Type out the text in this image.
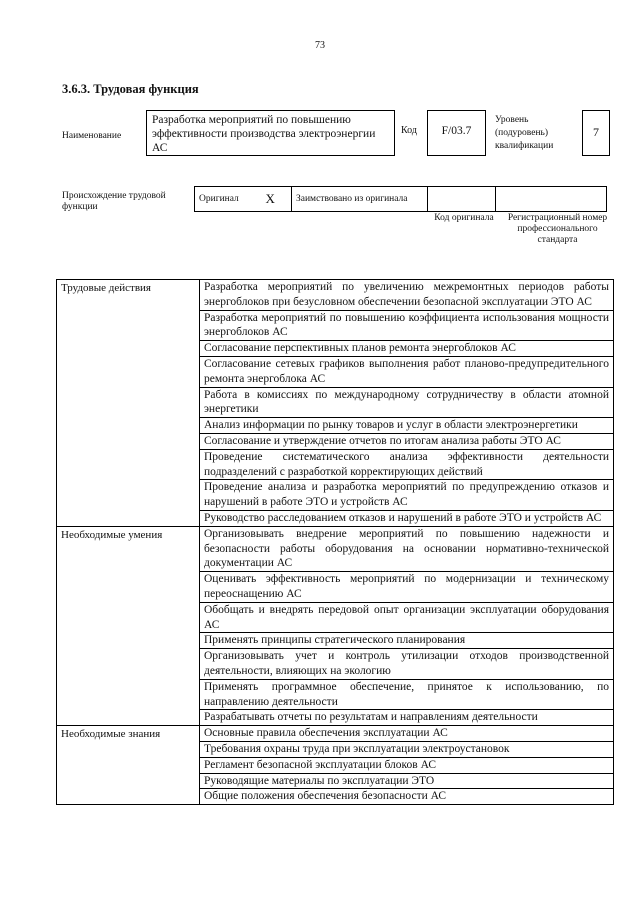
73
3.6.3. Трудовая функция
Наименование
Разработка мероприятий по повышению эффективности производства электроэнергии АС
Код	F/03.7
Уровень (подуровень) квалификации
7
Происхождение трудовой функции
Оригинал	X	Заимствовано из оригинала		
Код оригинала	Регистрационный номер профессионального стандарта
Трудовые действия	Разработка мероприятий по увеличению межремонтных периодов работы энергоблоков при безусловном обеспечении безопасной эксплуатации ЭТО АС
	Разработка мероприятий по повышению коэффициента использования мощности энергоблоков АС
	Согласование перспективных планов ремонта энергоблоков АС
	Согласование сетевых графиков выполнения работ планово-предупредительного ремонта энергоблока АС
	Работа в комиссиях по международному сотрудничеству в области атомной энергетики
	Анализ информации по рынку товаров и услуг в области электроэнергетики
	Согласование и утверждение отчетов по итогам анализа работы ЭТО АС
	Проведение систематического анализа эффективности деятельности подразделений с разработкой корректирующих действий
	Проведение анализа и разработка мероприятий по предупреждению отказов и нарушений в работе ЭТО и устройств АС
	Руководство расследованием отказов и нарушений в работе ЭТО и устройств АС
Необходимые умения	Организовывать внедрение мероприятий по повышению надежности и безопасности работы оборудования на основании нормативно-технической документации АС
	Оценивать эффективность мероприятий по модернизации и техническому переоснащению АС
	Обобщать и внедрять передовой опыт организации эксплуатации оборудования АС
	Применять принципы стратегического планирования
	Организовывать учет и контроль утилизации отходов производственной деятельности, влияющих на экологию
	Применять программное обеспечение, принятое к использованию, по направлению деятельности
	Разрабатывать отчеты по результатам и направлениям деятельности
Необходимые знания	Основные правила обеспечения эксплуатации АС
	Требования охраны труда при эксплуатации электроустановок
	Регламент безопасной эксплуатации блоков АС
	Руководящие материалы по эксплуатации ЭТО
	Общие положения обеспечения безопасности АС
